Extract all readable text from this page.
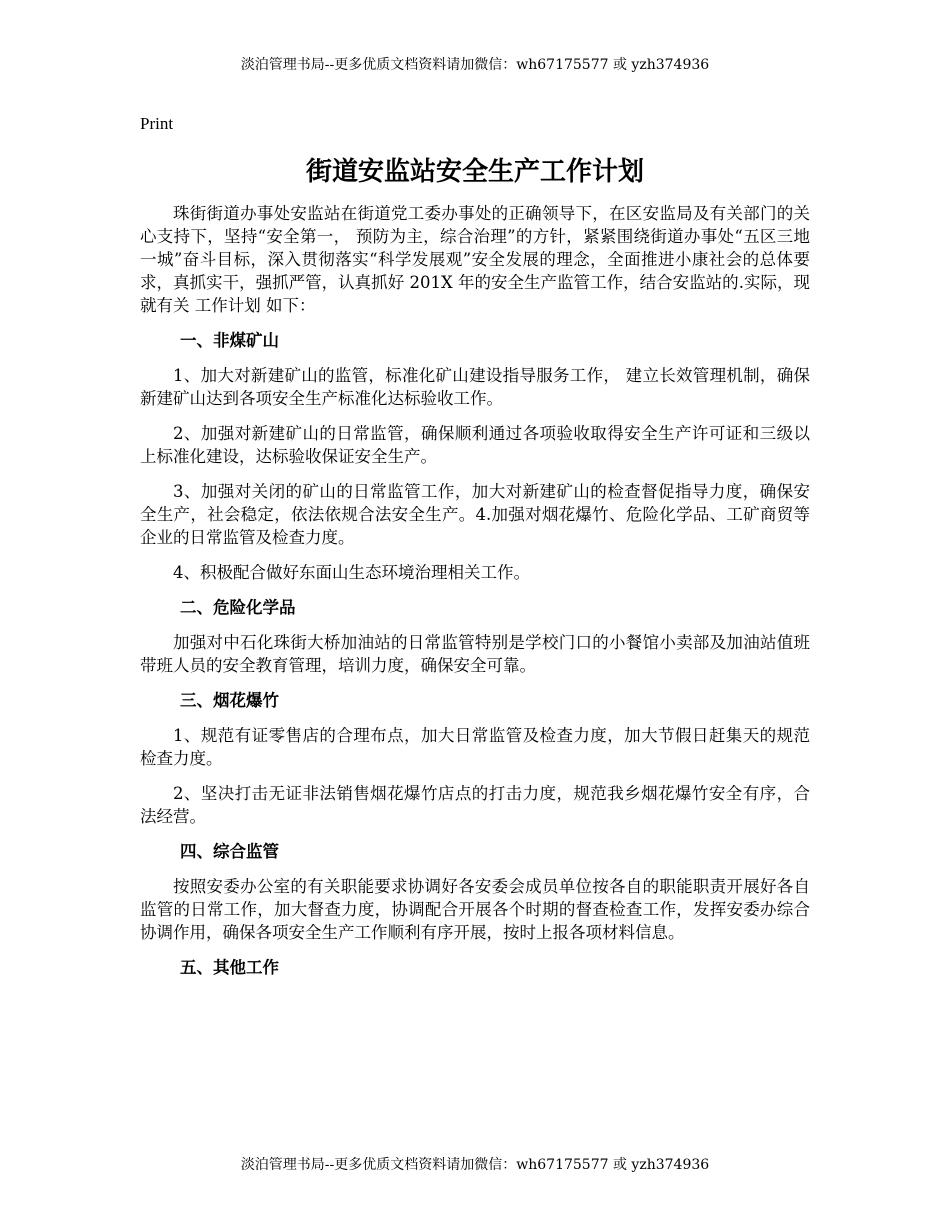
淡泊管理书局--更多优质文档资料请加微信：wh67175577 或 yzh374936
Print
街道安监站安全生产工作计划

珠街街道办事处安监站在街道党工委办事处的正确领导下，在区安监局及有关部门的关心支持下，坚持“安全第一， 预防为主，综合治理”的方针，紧紧围绕街道办事处“五区三地一城”奋斗目标，深入贯彻落实“科学发展观”安全发展的理念，全面推进小康社会的总体要求，真抓实干，强抓严管，认真抓好 201X 年的安全生产监管工作，结合安监站的.实际，现就有关 工作计划 如下：

一、非煤矿山

1、加大对新建矿山的监管，标准化矿山建设指导服务工作， 建立长效管理机制，确保新建矿山达到各项安全生产标准化达标验收工作。

2、加强对新建矿山的日常监管，确保顺利通过各项验收取得安全生产许可证和三级以上标准化建设，达标验收保证安全生产。

3、加强对关闭的矿山的日常监管工作，加大对新建矿山的检查督促指导力度，确保安全生产，社会稳定，依法依规合法安全生产。4.加强对烟花爆竹、危险化学品、工矿商贸等企业的日常监管及检查力度。

4、积极配合做好东面山生态环境治理相关工作。

二、危险化学品

加强对中石化珠街大桥加油站的日常监管特别是学校门口的小餐馆小卖部及加油站值班带班人员的安全教育管理，培训力度，确保安全可靠。

三、烟花爆竹

1、规范有证零售店的合理布点，加大日常监管及检查力度，加大节假日赶集天的规范检查力度。

2、坚决打击无证非法销售烟花爆竹店点的打击力度，规范我乡烟花爆竹安全有序，合法经营。

四、综合监管

按照安委办公室的有关职能要求协调好各安委会成员单位按各自的职能职责开展好各自监管的日常工作，加大督查力度，协调配合开展各个时期的督查检查工作，发挥安委办综合协调作用，确保各项安全生产工作顺利有序开展，按时上报各项材料信息。

五、其他工作
淡泊管理书局--更多优质文档资料请加微信：wh67175577 或 yzh374936
